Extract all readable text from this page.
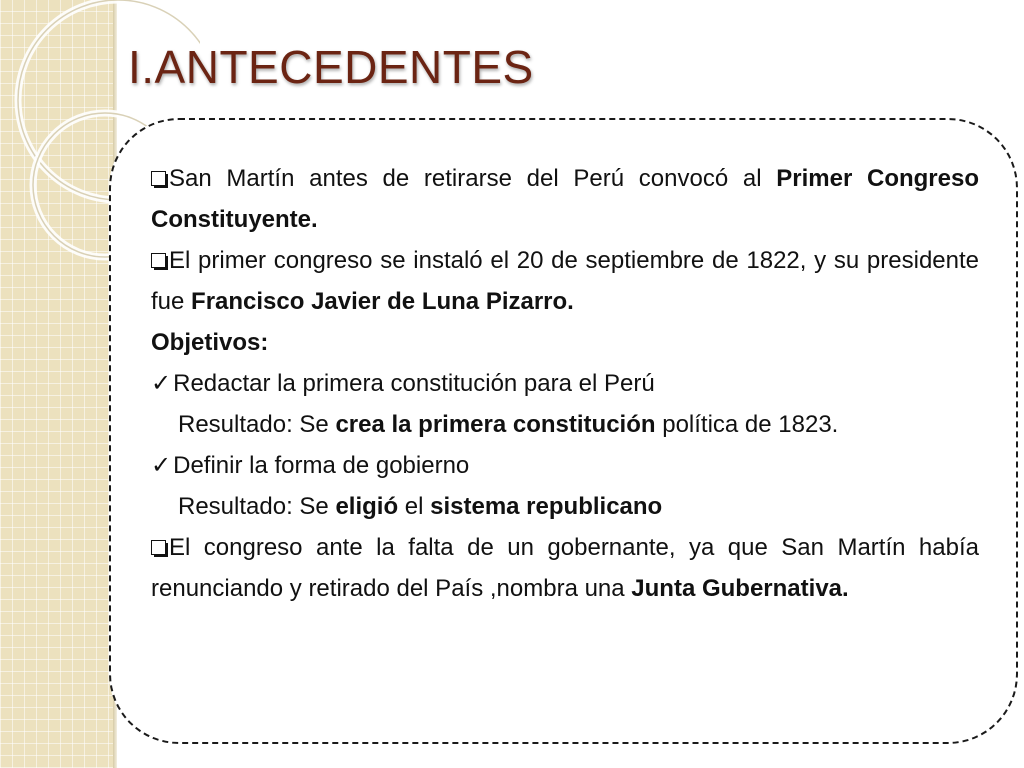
I.ANTECEDENTES

San Martín antes de retirarse del Perú convocó al Primer Congreso Constituyente.

El primer congreso se instaló el 20 de septiembre de 1822, y su presidente fue Francisco Javier de Luna Pizarro.

Objetivos:

✓Redactar la primera constitución para el Perú

Resultado: Se crea la primera constitución política de 1823.

✓Definir la forma de gobierno

Resultado: Se eligió el sistema republicano

El congreso ante la falta de un gobernante, ya que San Martín había renunciando y retirado del País ,nombra una Junta Gubernativa.
